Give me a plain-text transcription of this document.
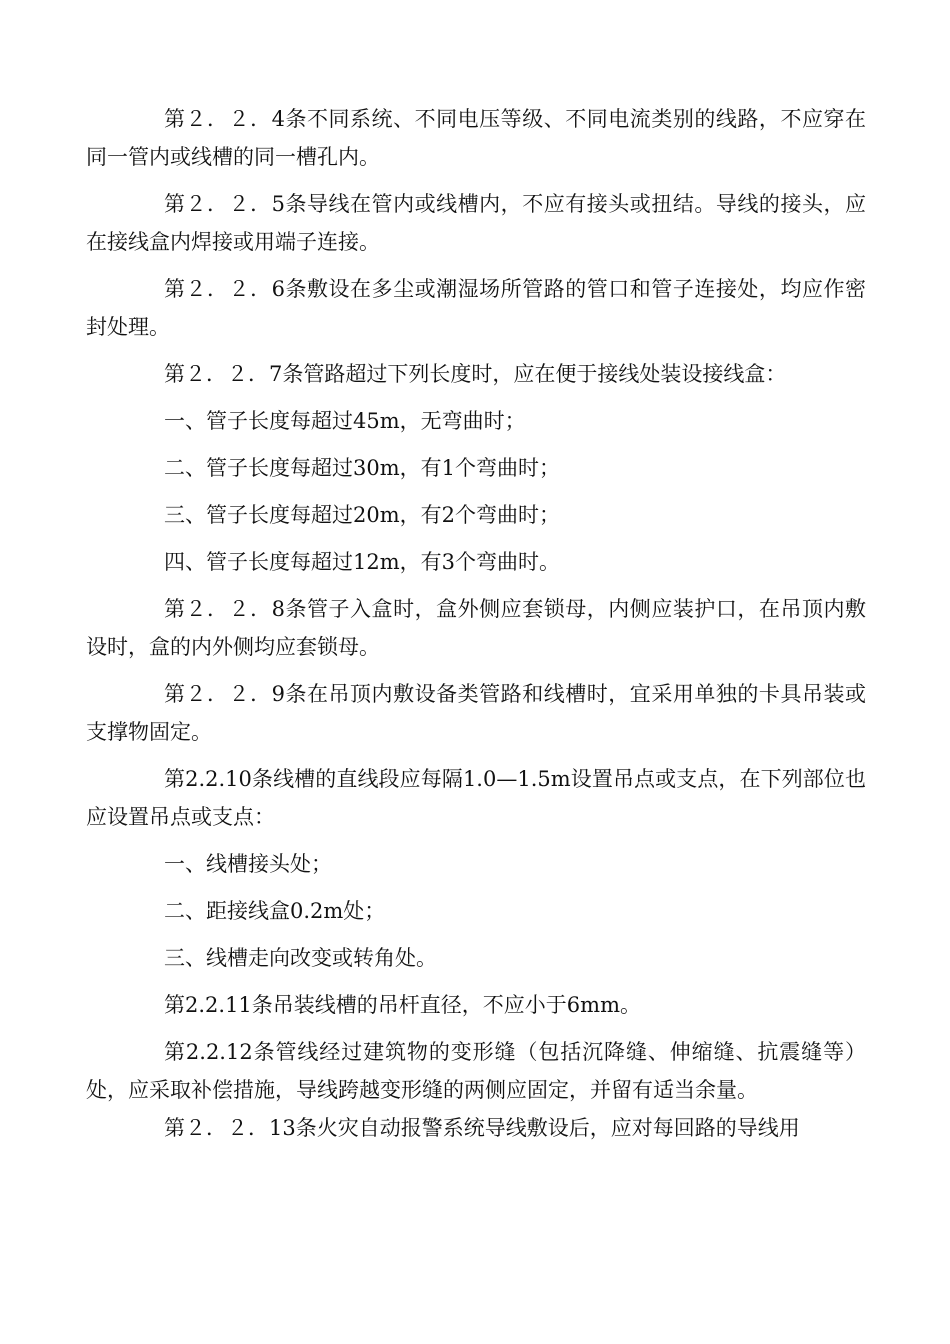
第２．２．4条不同系统、不同电压等级、不同电流类别的线路，不应穿在同一管内或线槽的同一槽孔内。

第２．２．5条导线在管内或线槽内，不应有接头或扭结。导线的接头，应在接线盒内焊接或用端子连接。

第２．２．6条敷设在多尘或潮湿场所管路的管口和管子连接处，均应作密封处理。

第２．２．7条管路超过下列长度时，应在便于接线处装设接线盒：

一、管子长度每超过45m，无弯曲时；

二、管子长度每超过30m，有1个弯曲时；

三、管子长度每超过20m，有2个弯曲时；

四、管子长度每超过12m，有3个弯曲时。

第２．２．8条管子入盒时，盒外侧应套锁母，内侧应装护口，在吊顶内敷设时，盒的内外侧均应套锁母。

第２．２．9条在吊顶内敷设备类管路和线槽时，宜采用单独的卡具吊装或支撑物固定。

第2.2.10条线槽的直线段应每隔1.0—1.5m设置吊点或支点，在下列部位也应设置吊点或支点：

一、线槽接头处；

二、距接线盒0.2m处；

三、线槽走向改变或转角处。

第2.2.11条吊装线槽的吊杆直径，不应小于6mm。

第2.2.12条管线经过建筑物的变形缝（包括沉降缝、伸缩缝、抗震缝等）处，应采取补偿措施，导线跨越变形缝的两侧应固定，并留有适当余量。

第２．２．13条火灾自动报警系统导线敷设后，应对每回路的导线用
